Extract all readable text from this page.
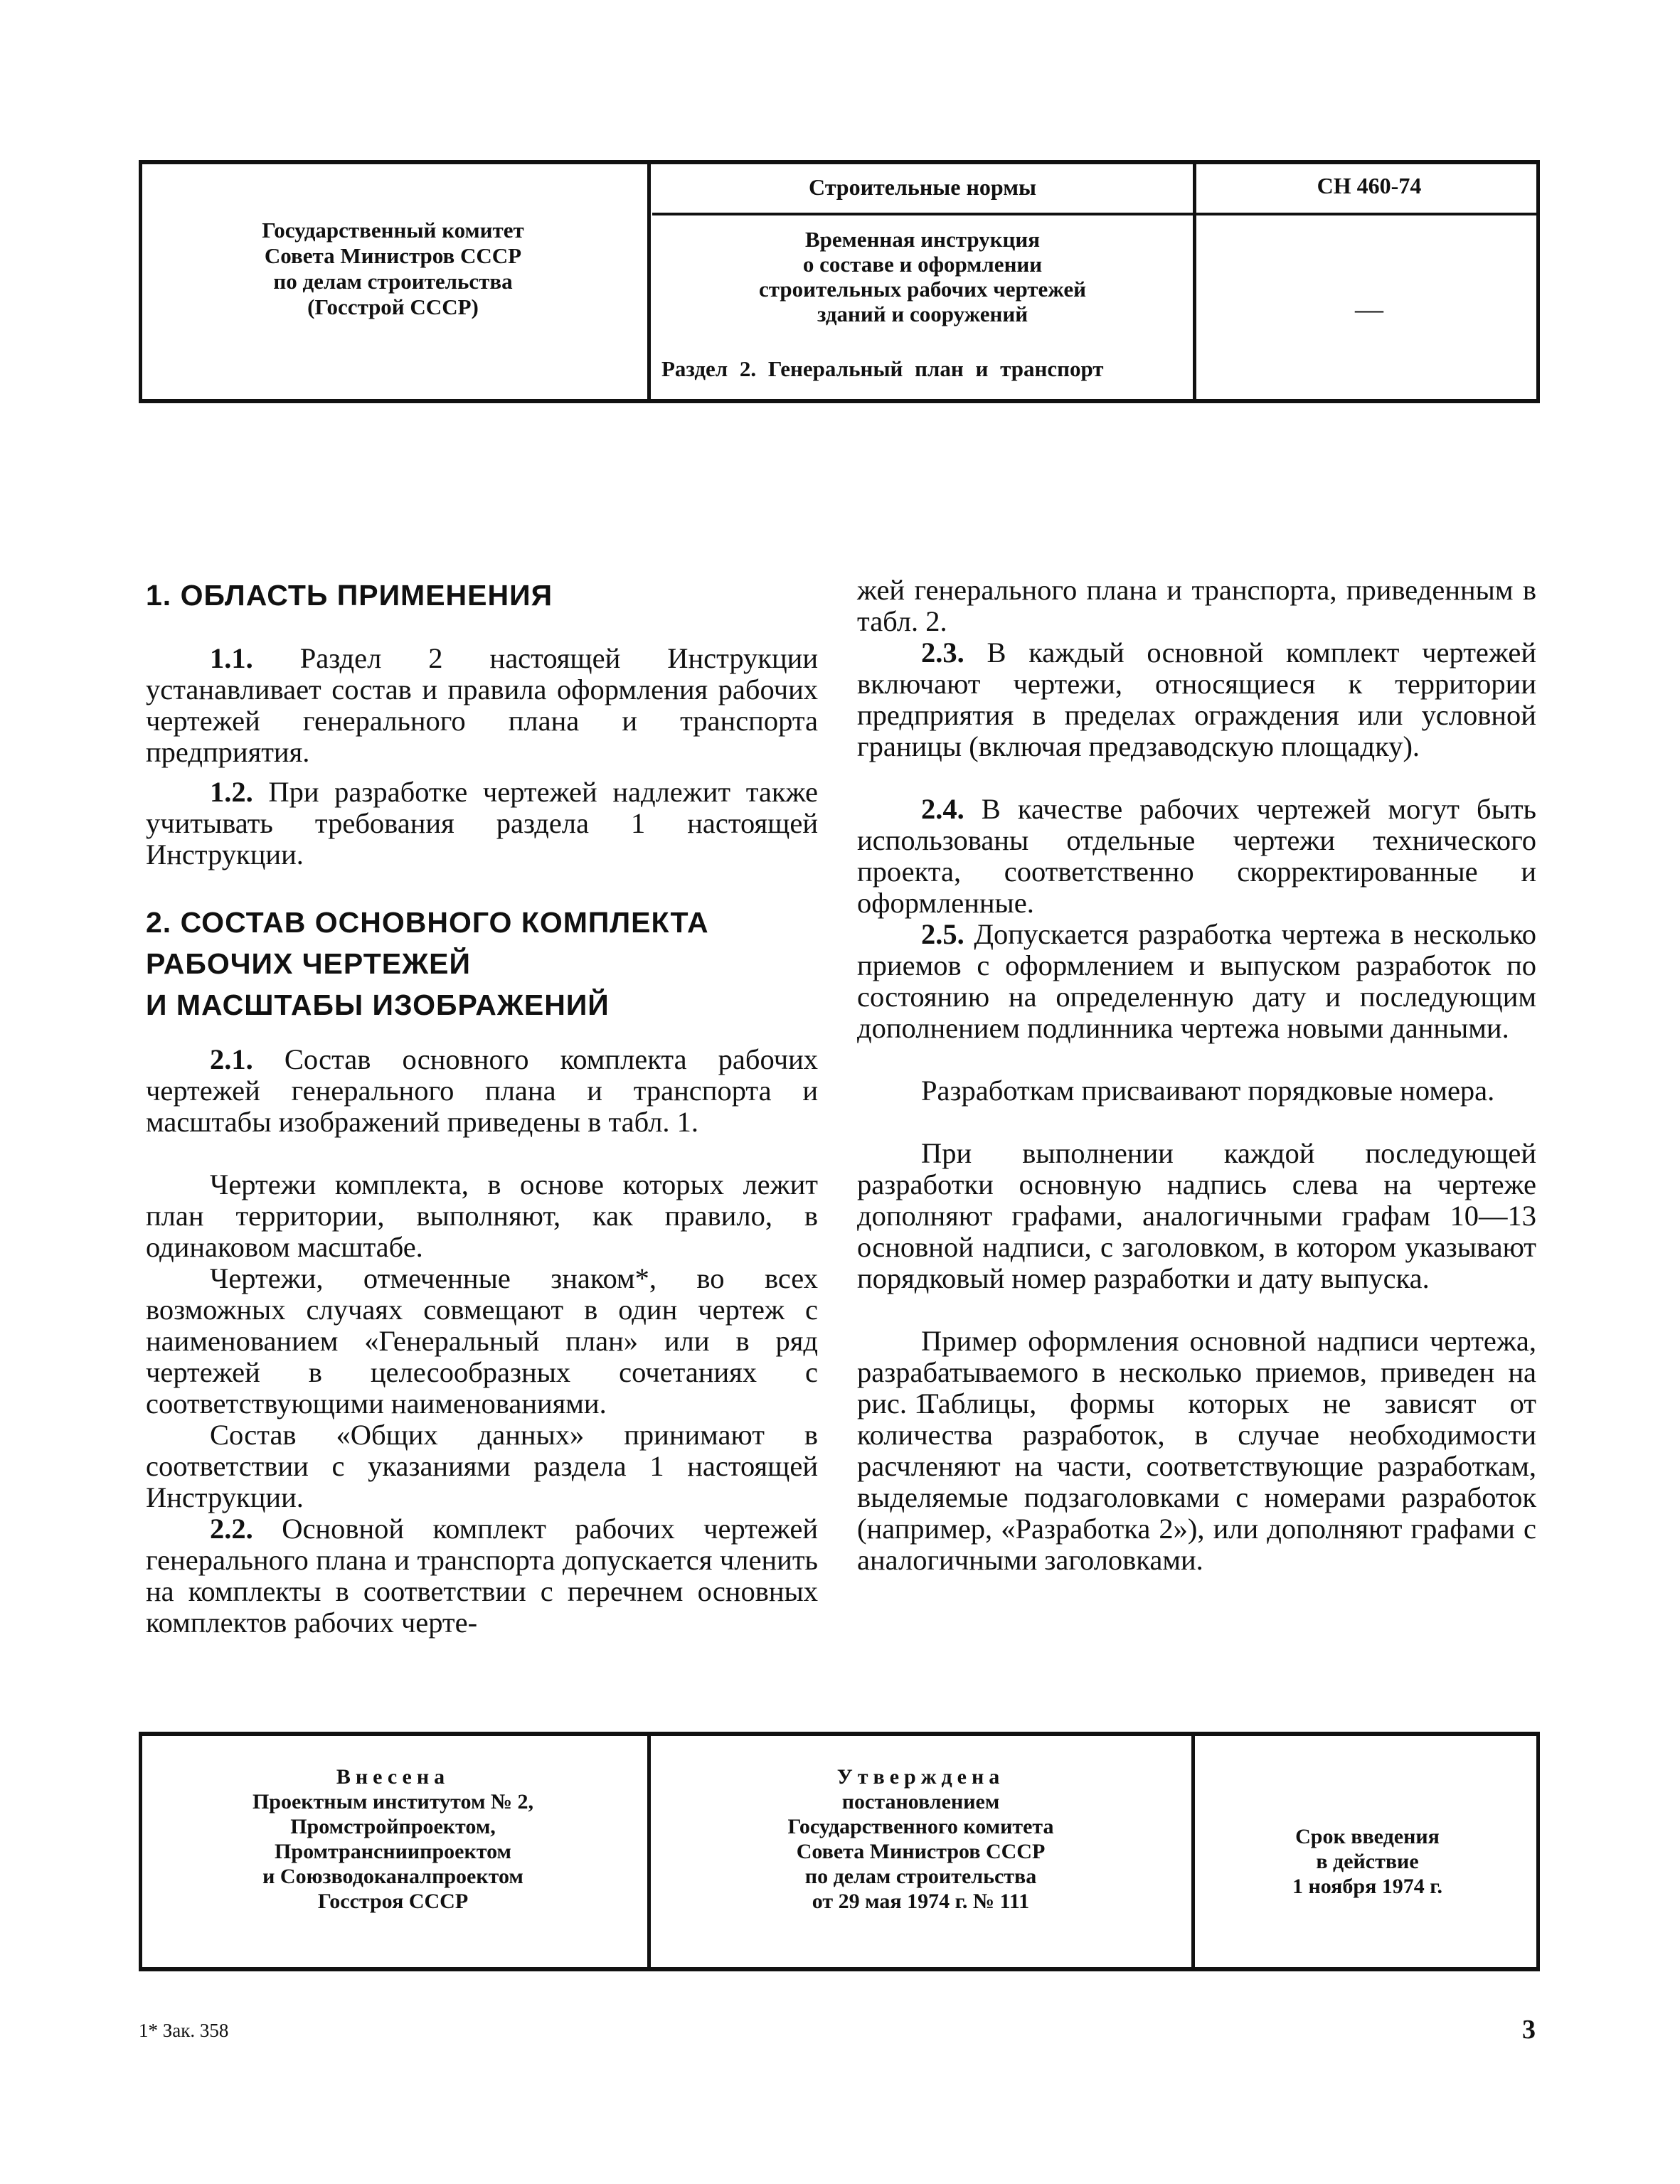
Государственный комитет
Совета Министров СССР
по делам строительства
(Госстрой СССР)
Строительные нормы	СН 460-74
Временная инструкция
о составе и оформлении
строительных рабочих чертежей
зданий и сооружений	—
Раздел 2. Генеральный план и транспорт
1. ОБЛАСТЬ ПРИМЕНЕНИЯ

1.1. Раздел 2 настоящей Инструкции устанавливает состав и правила оформления рабочих чертежей генерального плана и транспорта предприятия.

1.2. При разработке чертежей надлежит также учитывать требования раздела 1 настоящей Инструкции.

2. СОСТАВ ОСНОВНОГО КОМПЛЕКТА
РАБОЧИХ ЧЕРТЕЖЕЙ
И МАСШТАБЫ ИЗОБРАЖЕНИЙ

2.1. Состав основного комплекта рабочих чертежей генерального плана и транспорта и масштабы изображений приведены в табл. 1.

Чертежи комплекта, в основе которых лежит план территории, выполняют, как правило, в одинаковом масштабе.

Чертежи, отмеченные знаком*, во всех возможных случаях совмещают в один чертеж с наименованием «Генеральный план» или в ряд чертежей в целесообразных сочетаниях с соответствующими наименованиями.

Состав «Общих данных» принимают в соответствии с указаниями раздела 1 настоящей Инструкции.

2.2. Основной комплект рабочих чертежей генерального плана и транспорта допускается членить на комплекты в соответствии с перечнем основных комплектов рабочих черте-

жей генерального плана и транспорта, приведенным в табл. 2.

2.3. В каждый основной комплект чертежей включают чертежи, относящиеся к территории предприятия в пределах ограждения или условной границы (включая предзаводскую площадку).

2.4. В качестве рабочих чертежей могут быть использованы отдельные чертежи технического проекта, соответственно скорректированные и оформленные.

2.5. Допускается разработка чертежа в несколько приемов с оформлением и выпуском разработок по состоянию на определенную дату и последующим дополнением подлинника чертежа новыми данными.

Разработкам присваивают порядковые номера.

При выполнении каждой последующей разработки основную надпись слева на чертеже дополняют графами, аналогичными графам 10—13 основной надписи, с заголовком, в котором указывают порядковый номер разработки и дату выпуска.

Пример оформления основной надписи чертежа, разрабатываемого в несколько приемов, приведен на рис. 1.

Таблицы, формы которых не зависят от количества разработок, в случае необходимости расчленяют на части, соответствующие разработкам, выделяемые подзаголовками с номерами разработок (например, «Разработка 2»), или дополняют графами с аналогичными заголовками.

Внесена
Проектным институтом № 2,
Промстройпроектом,
Промтрансниипроектом
и Союзводоканалпроектом
Госстроя СССР
Утверждена
постановлением
Государственного комитета
Совета Министров СССР
по делам строительства
от 29 мая 1974 г. № 111
Срок введения
в действие
1 ноября 1974 г.
1* Зак. 358	3
